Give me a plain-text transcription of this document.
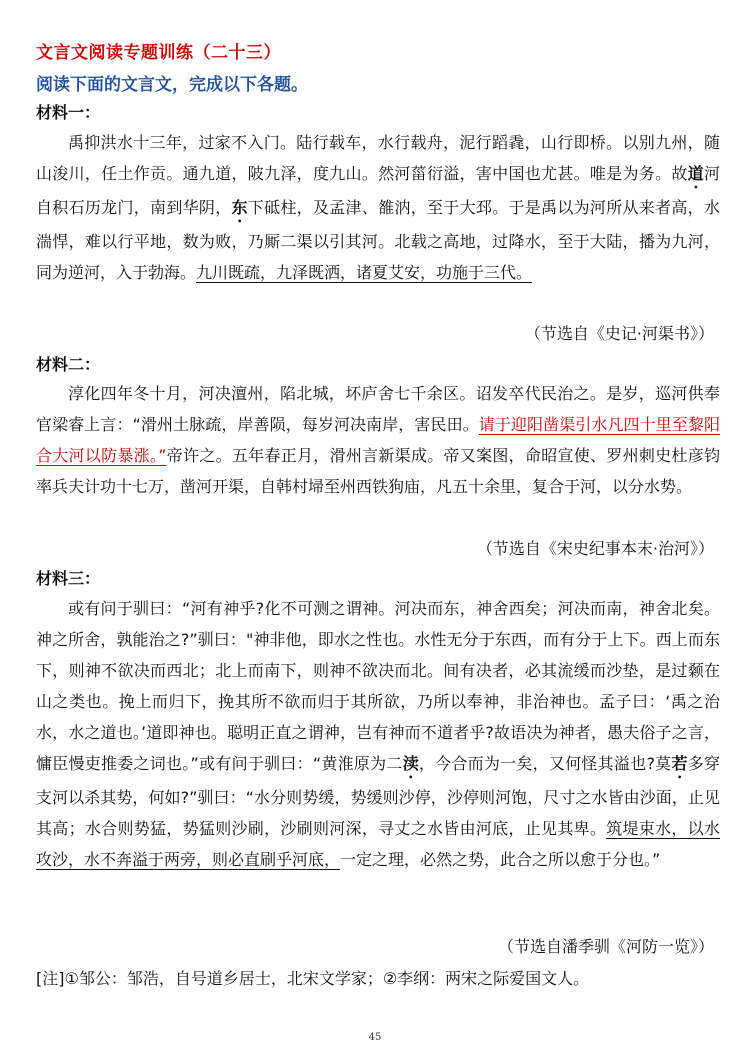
文言文阅读专题训练（二十三）
阅读下面的文言文，完成以下各题。
材料一：
禹抑洪水十三年，过家不入门。陆行载车，水行载舟，泥行蹈毳，山行即桥。以别九州，随山浚川，任土作贡。通九道，陂九泽，度九山。然河菑衍溢，害中国也尤甚。唯是为务。故道河自积石历龙门，南到华阴，东下砥柱，及孟津、雒汭，至于大邳。于是禹以为河所从来者高，水湍悍，难以行平地，数为败，乃厮二渠以引其河。北载之高地，过降水，至于大陆，播为九河，同为逆河，入于勃海。九川既疏，九泽既洒，诸夏艾安，功施于三代。
（节选自《史记·河渠书》）
材料二：
淳化四年冬十月，河决澶州，陷北城，坏庐舍七千余区。诏发卒代民治之。是岁，巡河供奉官梁睿上言：“滑州土脉疏，岸善陨，每岁河决南岸，害民田。请于迎阳凿渠引水凡四十里至黎阳合大河以防暴涨。”帝许之。五年春正月，滑州言新渠成。帝又案图，命昭宣使、罗州刺史杜彦钧率兵夫计功十七万，凿河开渠，自韩村埽至州西铁狗庙，凡五十余里，复合于河，以分水势。
（节选自《宋史纪事本末·治河》）
材料三：
或有问于驯曰：“河有神乎?化不可测之谓神。河决而东，神舍西矣；河决而南，神舍北矣。神之所舍，孰能治之?”驯曰："神非他，即水之性也。水性无分于东西，而有分于上下。西上而东下，则神不欲决而西北；北上而南下，则神不欲决而北。间有决者，必其流缓而沙垫，是过颡在山之类也。挽上而归下，挽其所不欲而归于其所欲，乃所以奉神，非治神也。孟子曰：‘禹之治水，水之道也。’道即神也。聪明正直之谓神，岂有神而不道者乎?故语决为神者，愚夫俗子之言，慵臣慢吏推委之词也。”或有问于驯曰：“黄淮原为二渎，今合而为一矣，又何怪其溢也?莫若多穿支河以杀其势，何如?”驯曰：“水分则势缓，势缓则沙停，沙停则河饱，尺寸之水皆由沙面，止见其高；水合则势猛，势猛则沙刷，沙刷则河深，寻丈之水皆由河底，止见其卑。筑堤束水，以水攻沙，水不奔溢于两旁，则必直刷乎河底，一定之理，必然之势，此合之所以愈于分也。”
（节选自潘季驯《河防一览》）
[注]①邹公：邹浩，自号道乡居士，北宋文学家；②李纲：两宋之际爱国文人。
45
